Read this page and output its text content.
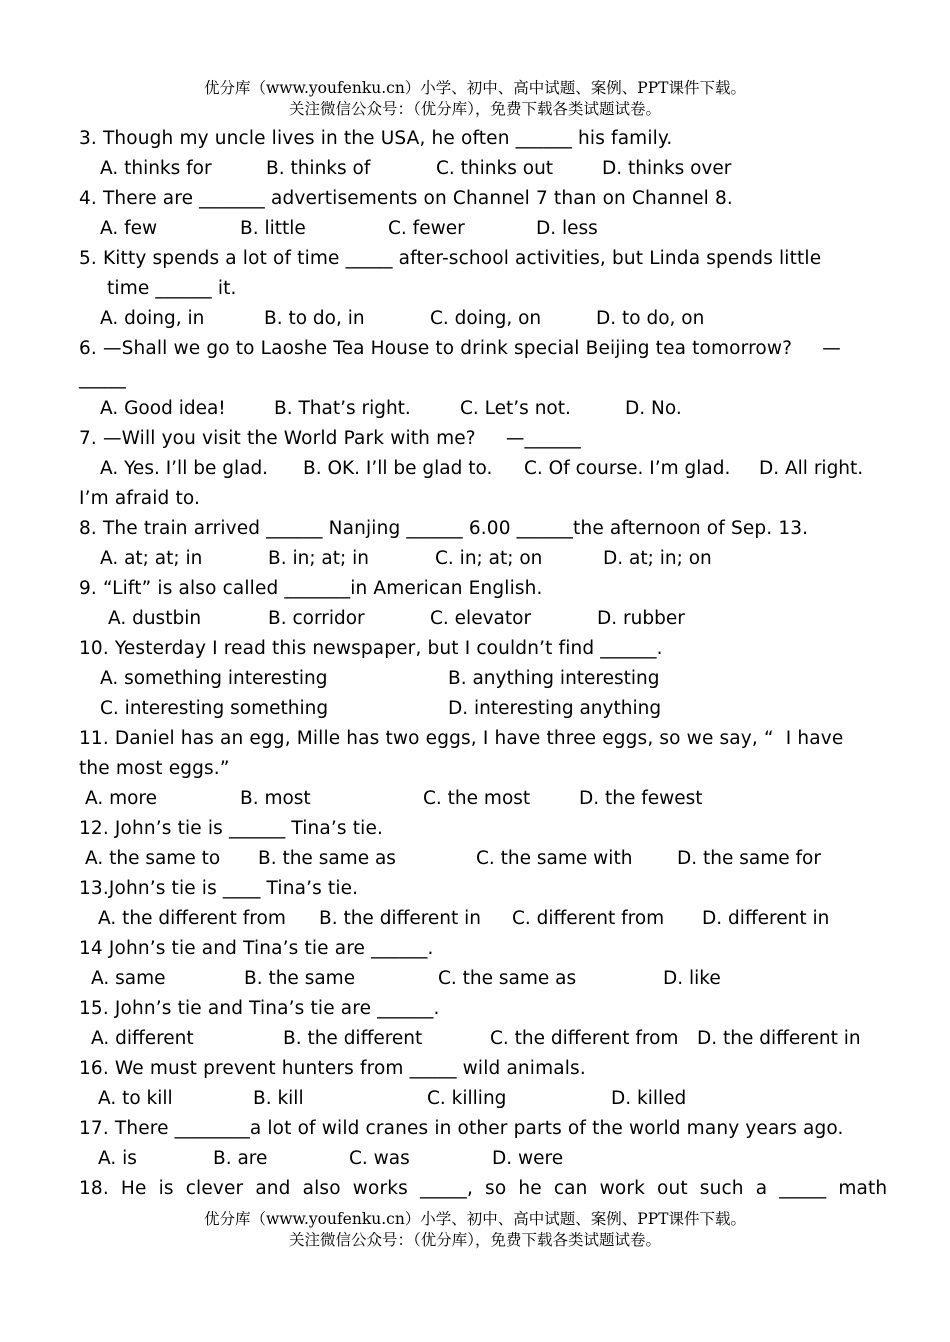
优分库（www.youfenku.cn）小学、初中、高中试题、案例、PPT课件下载。
关注微信公众号：（优分库），免费下载各类试题试卷。
3. Though my uncle lives in the USA, he often ______ his family.
A. thinks for	B. thinks of	C. thinks out	D. thinks over
4. There are _______ advertisements on Channel 7 than on Channel 8.
A. few	B. little	C. fewer	D. less
5. Kitty spends a lot of time _____ after-school activities, but Linda spends little
time ______ it.
A. doing, in	B. to do, in	C. doing, on	D. to do, on
6. —Shall we go to Laoshe Tea House to drink special Beijing tea tomorrow?     —
_____
A. Good idea!	B. That’s right.	C. Let’s not.	D. No.
7. —Will you visit the World Park with me?     —______
A. Yes. I’ll be glad. B. OK. I’ll be glad to. C. Of course. I’m glad. D. All right.
I’m afraid to.
8. The train arrived ______ Nanjing ______ 6.00 ______the afternoon of Sep. 13.
A. at; at; in	B. in; at; in	C. in; at; on	D. at; in; on
9. “Lift” is also called _______in American English.
A. dustbin	B. corridor	C. elevator	D. rubber
10. Yesterday I read this newspaper, but I couldn’t find ______.
A. something interesting	B. anything interesting
C. interesting something	D. interesting anything
11. Daniel has an egg, Mille has two eggs, I have three eggs, so we say, “  I have
the most eggs.”
A. more	B. most	C. the most	D. the fewest
12. John’s tie is ______ Tina’s tie.
A. the same to B. the same as	C. the same with D. the same for
13.John’s tie is ____ Tina’s tie.
A. the different from B. the different in C. different from D. different in
14 John’s tie and Tina’s tie are ______.
A. same	B. the same	C. the same as	D. like
15. John’s tie and Tina’s tie are ______.
A. different	B. the different	C. the different from D. the different in
16. We must prevent hunters from _____ wild animals.
A. to kill	B. kill	C. killing	D. killed
17. There ________a lot of wild cranes in other parts of the world many years ago.
A. is	B. are	C. was	D. were
18.  He  is  clever  and  also  works  _____,  so  he  can  work  out  such  a  _____  math
优分库（www.youfenku.cn）小学、初中、高中试题、案例、PPT课件下载。
关注微信公众号：（优分库），免费下载各类试题试卷。
